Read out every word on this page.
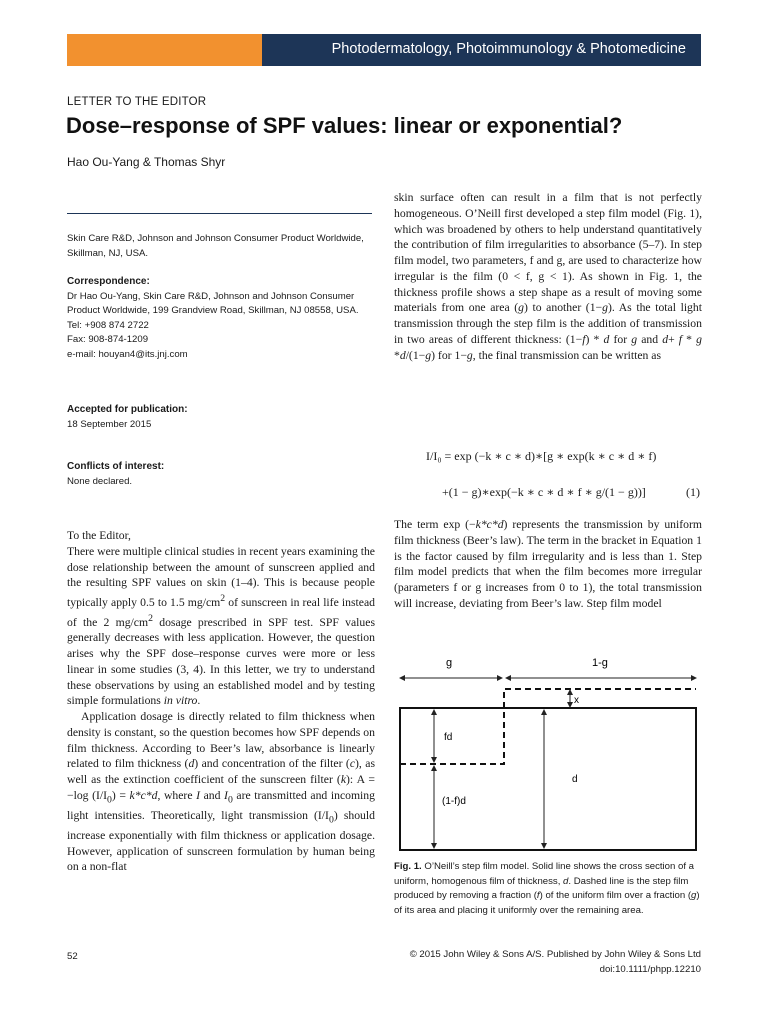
Photodermatology, Photoimmunology & Photomedicine
LETTER TO THE EDITOR
Dose–response of SPF values: linear or exponential?
Hao Ou-Yang & Thomas Shyr
Skin Care R&D, Johnson and Johnson Consumer Product Worldwide, Skillman, NJ, USA.
Correspondence:
Dr Hao Ou-Yang, Skin Care R&D, Johnson and Johnson Consumer Product Worldwide, 199 Grandview Road, Skillman, NJ 08558, USA.
Tel: +908 874 2722
Fax: 908-874-1209
e-mail: houyan4@its.jnj.com
Accepted for publication:
18 September 2015
Conflicts of interest:
None declared.

To the Editor,

There were multiple clinical studies in recent years examining the dose relationship between the amount of sunscreen applied and the resulting SPF values on skin (1–4). This is because people typically apply 0.5 to 1.5 $mg/cm^2$ of sunscreen in real life instead of the 2 $mg/cm^2$ dosage prescribed in SPF test. SPF values generally decreases with less application. However, the question arises why the SPF dose–response curves were more or less linear in some studies (3, 4). In this letter, we try to understand these observations by using an established model and by testing simple formulations in vitro.

Application dosage is directly related to film thickness when density is constant, so the question becomes how SPF depends on film thickness. According to Beer’s law, absorbance is linearly related to film thickness (d) and concentration of the filter (c), as well as the extinction coefficient of the sunscreen filter (k): A = −log $(I/I_0) = k*c*d$, where I and $I_0$ are transmitted and incoming light intensities. Theoretically, light transmission $(I/I_0)$ should increase exponentially with film thickness or application dosage. However, application of sunscreen formulation by human being on a non-flat

skin surface often can result in a film that is not perfectly homogeneous. O’Neill first developed a step film model (Fig. 1), which was broadened by others to help understand quantitatively the contribution of film irregularities to absorbance (5–7). In step film model, two parameters, f and g, are used to characterize how irregular is the film (0 < f, g < 1). As shown in Fig. 1, the thickness profile shows a step shape as a result of moving some materials from one area (g) to another (1−g). As the total light transmission through the step film is the addition of transmission in two areas of different thickness: (1−f) * d for g and d+ f * g *d/(1−g) for 1−g, the final transmission can be written as

I/I₀ = exp (−k ∗ c ∗ d)∗[g ∗ exp(k ∗ c ∗ d ∗ f)
+(1 − g)∗exp(−k ∗ c ∗ d ∗ f ∗ g/(1 − g))]	(1)

The term exp (−k*c*d) represents the transmission by uniform film thickness (Beer’s law). The term in the bracket in Equation 1 is the factor caused by film irregularity and is less than 1. Step film model predicts that when the film becomes more irregular (parameters f or g increases from 0 to 1), the total transmission will increase, deviating from Beer’s law. Step film model

g	1-g
x
fd
(1-f)d
d
Fig. 1. O’Neill’s step film model. Solid line shows the cross section of a uniform, homogenous film of thickness, d. Dashed line is the step film produced by removing a fraction (f) of the uniform film over a fraction (g) of its area and placing it uniformly over the remaining area.
52	© 2015 John Wiley & Sons A/S. Published by John Wiley & Sons Ltd
doi:10.1111/phpp.12210
